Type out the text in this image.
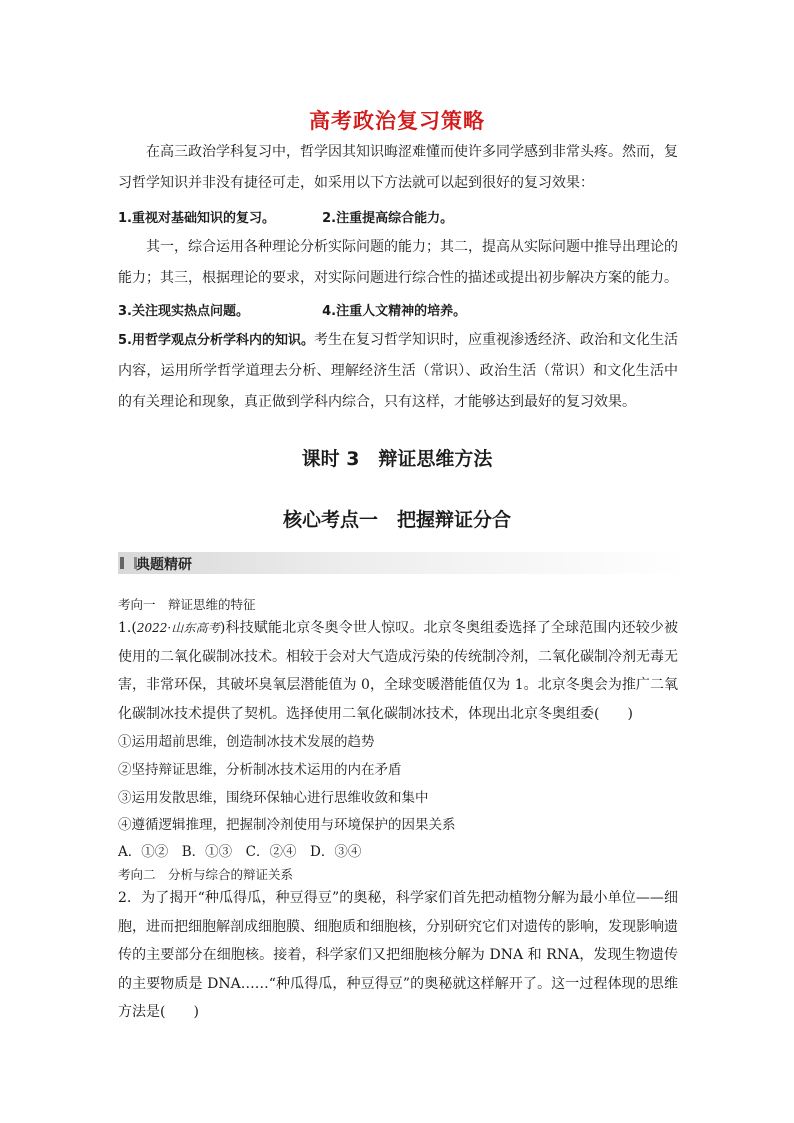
高考政治复习策略
在高三政治学科复习中，哲学因其知识晦涩难懂而使许多同学感到非常头疼。然而，复习哲学知识并非没有捷径可走，如采用以下方法就可以起到很好的复习效果：
1.重视对基础知识的复习。	2.注重提高综合能力。
其一，综合运用各种理论分析实际问题的能力；其二，提高从实际问题中推导出理论的能力；其三，根据理论的要求，对实际问题进行综合性的描述或提出初步解决方案的能力。
3.关注现实热点问题。	4.注重人文精神的培养。
5.用哲学观点分析学科内的知识。考生在复习哲学知识时，应重视渗透经济、政治和文化生活内容，运用所学哲学道理去分析、理解经济生活（常识）、政治生活（常识）和文化生活中的有关理论和现象，真正做到学科内综合，只有这样，才能够达到最好的复习效果。
课时 3　辩证思维方法
核心考点一　把握辩证分合
典题精研
考向一　辩证思维的特征
1.(2022·山东高考)科技赋能北京冬奥令世人惊叹。北京冬奥组委选择了全球范围内还较少被使用的二氧化碳制冰技术。相较于会对大气造成污染的传统制冷剂，二氧化碳制冷剂无毒无害，非常环保，其破坏臭氧层潜能值为 0，全球变暖潜能值仅为 1。北京冬奥会为推广二氧化碳制冰技术提供了契机。选择使用二氧化碳制冰技术，体现出北京冬奥组委(　　)
①运用超前思维，创造制冰技术发展的趋势
②坚持辩证思维，分析制冰技术运用的内在矛盾
③运用发散思维，围绕环保轴心进行思维收敛和集中
④遵循逻辑推理，把握制冷剂使用与环境保护的因果关系
A．①②　B．①③　C．②④　D．③④
考向二　分析与综合的辩证关系
2．为了揭开“种瓜得瓜，种豆得豆”的奥秘，科学家们首先把动植物分解为最小单位——细胞，进而把细胞解剖成细胞膜、细胞质和细胞核，分别研究它们对遗传的影响，发现影响遗传的主要部分在细胞核。接着，科学家们又把细胞核分解为 DNA 和 RNA，发现生物遗传的主要物质是 DNA……“种瓜得瓜，种豆得豆”的奥秘就这样解开了。这一过程体现的思维方法是(　　)
